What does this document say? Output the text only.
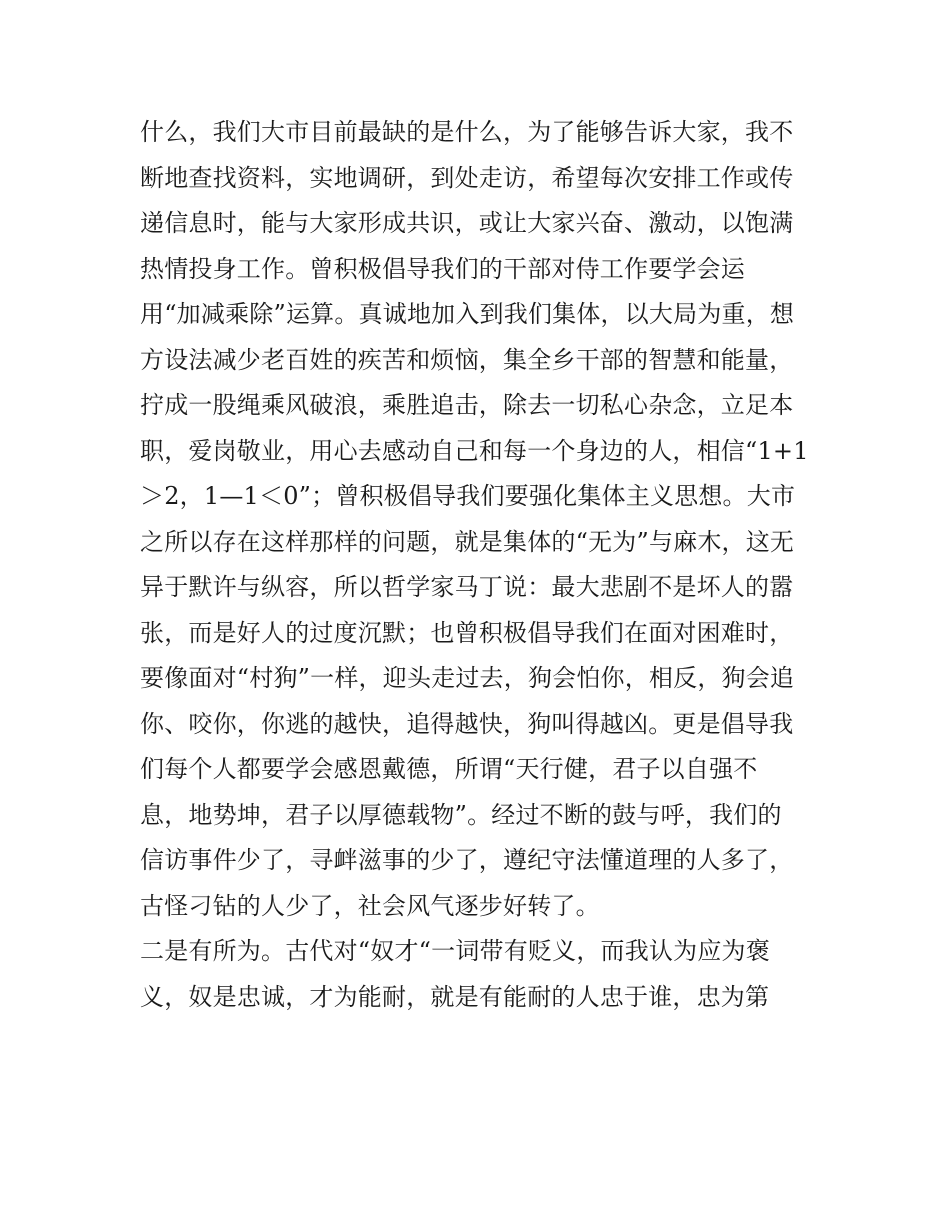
什么，我们大市目前最缺的是什么，为了能够告诉大家，我不
断地查找资料，实地调研，到处走访，希望每次安排工作或传
递信息时，能与大家形成共识，或让大家兴奋、激动，以饱满
热情投身工作。曾积极倡导我们的干部对侍工作要学会运
用“加减乘除”运算。真诚地加入到我们集体，以大局为重，想
方设法减少老百姓的疾苦和烦恼，集全乡干部的智慧和能量，
拧成一股绳乘风破浪，乘胜追击，除去一切私心杂念，立足本
职，爱岗敬业，用心去感动自己和每一个身边的人，相信“1+1
＞2，1—1＜0”；曾积极倡导我们要强化集体主义思想。大市
之所以存在这样那样的问题，就是集体的“无为”与麻木，这无
异于默许与纵容，所以哲学家马丁说：最大悲剧不是坏人的嚣
张，而是好人的过度沉默；也曾积极倡导我们在面对困难时，
要像面对“村狗”一样，迎头走过去，狗会怕你，相反，狗会追
你、咬你，你逃的越快，追得越快，狗叫得越凶。更是倡导我
们每个人都要学会感恩戴德，所谓“天行健，君子以自强不
息，地势坤，君子以厚德载物”。经过不断的鼓与呼，我们的
信访事件少了，寻衅滋事的少了，遵纪守法懂道理的人多了，
古怪刁钻的人少了，社会风气逐步好转了。
二是有所为。古代对“奴才“一词带有贬义，而我认为应为褒
义，奴是忠诚，才为能耐，就是有能耐的人忠于谁，忠为第
